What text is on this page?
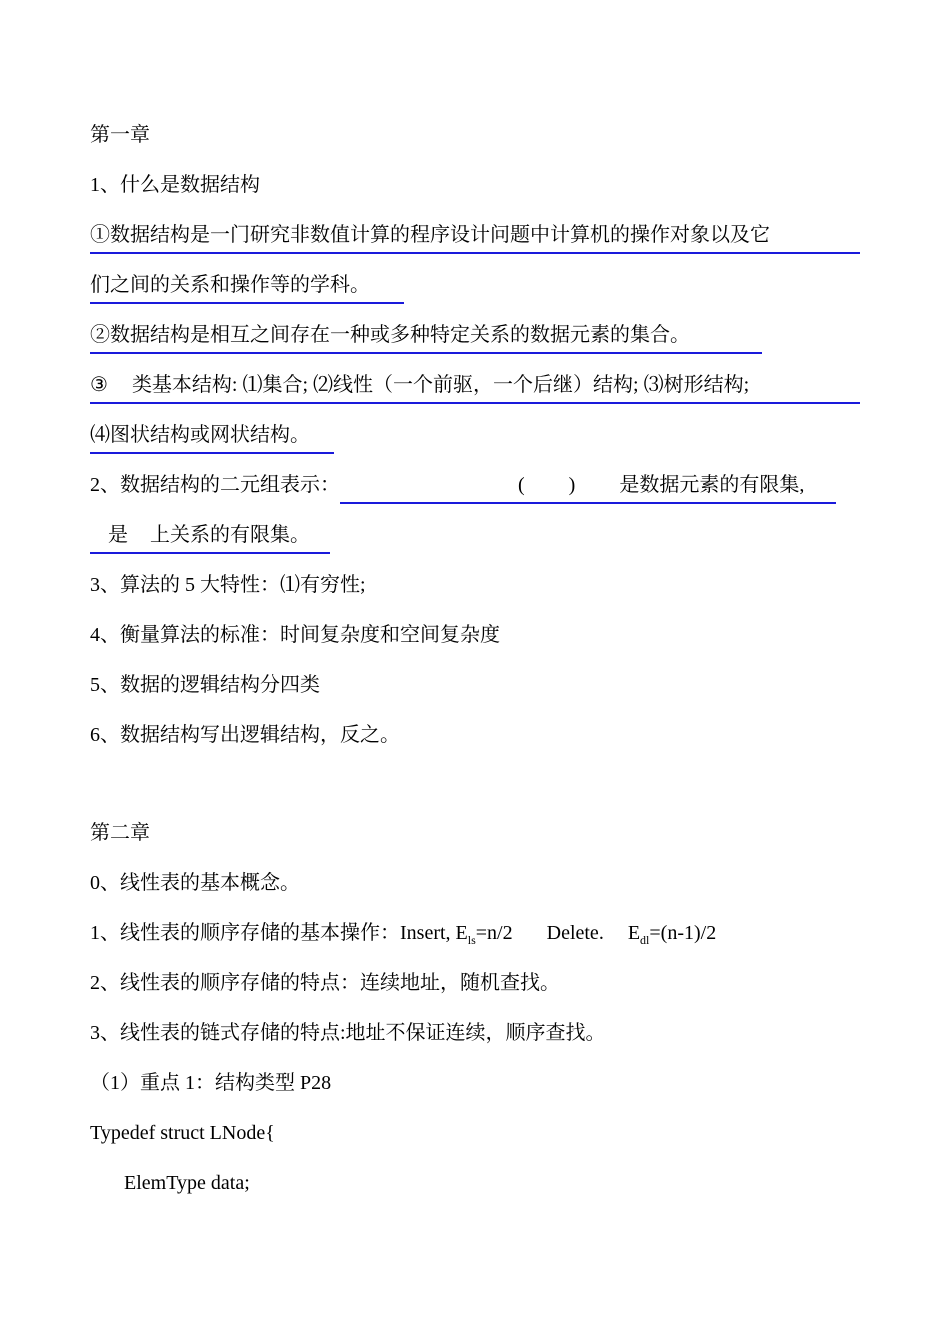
第一章
1、什么是数据结构
①数据结构是一门研究非数值计算的程序设计问题中计算机的操作对象以及它
们之间的关系和操作等的学科。
②数据结构是相互之间存在一种或多种特定关系的数据元素的集合。
③ 类基本结构: ⑴集合; ⑵线性（一个前驱，一个后继）结构; ⑶树形结构;
⑷图状结构或网状结构。
2、数据结构的二元组表示：	( ) 是数据元素的有限集,
是 上关系的有限集。
3、算法的 5 大特性：⑴有穷性;
4、衡量算法的标准：时间复杂度和空间复杂度
5、数据的逻辑结构分四类
6、数据结构写出逻辑结构，反之。
第二章
0、线性表的基本概念。
1、线性表的顺序存储的基本操作：Insert, $E_{ls}=n/2$ Delete. $E_{dl}=(n-1)/2$
2、线性表的顺序存储的特点：连续地址，随机查找。
3、线性表的链式存储的特点:地址不保证连续，顺序查找。
（1）重点 1：结构类型 P28
Typedef struct LNode{
ElemType data;
